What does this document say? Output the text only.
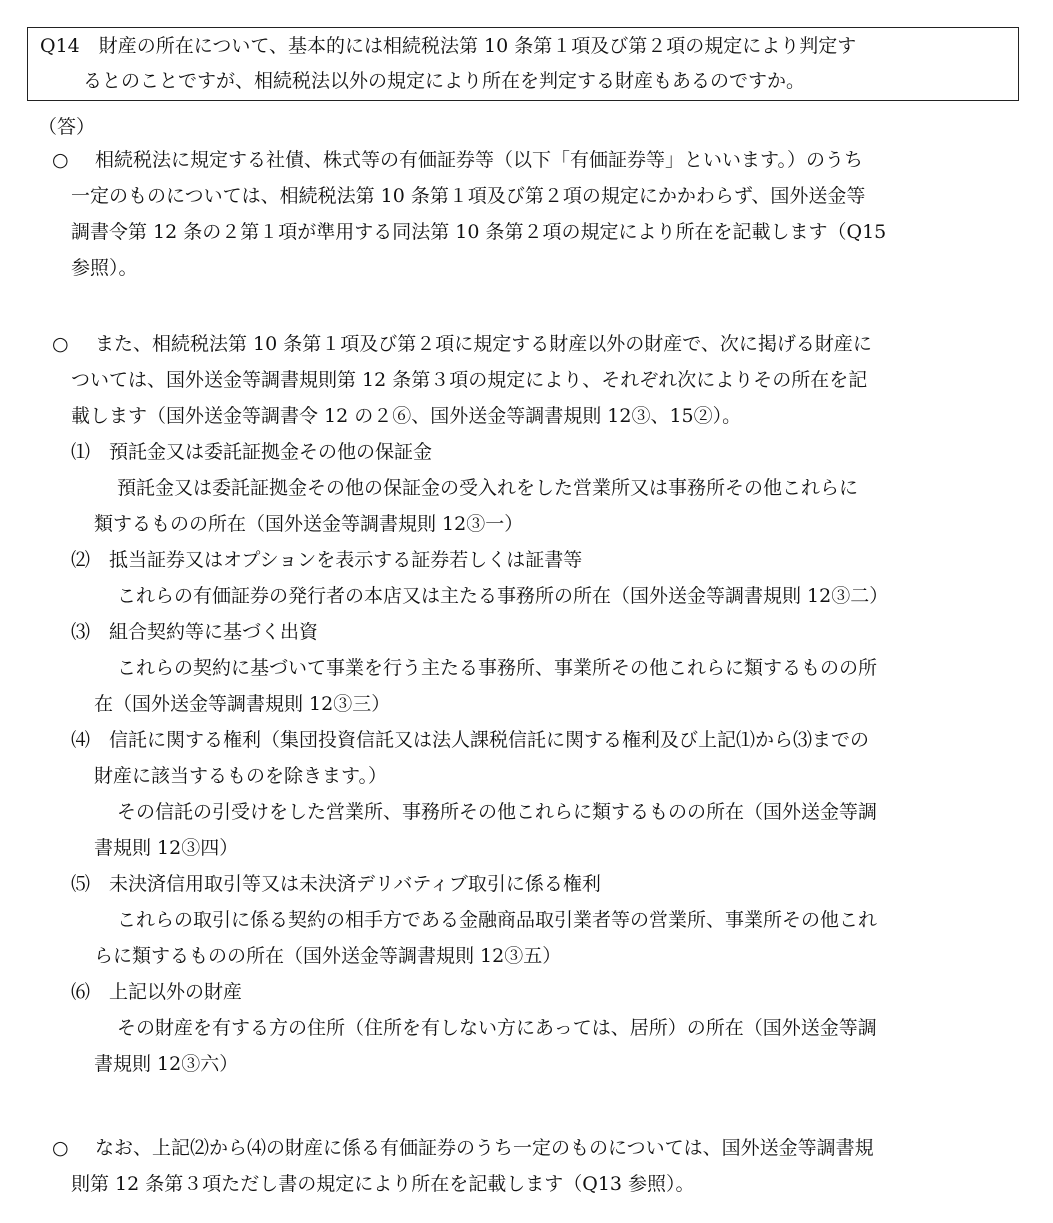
Q14　財産の所在について、基本的には相続税法第 10 条第１項及び第２項の規定により判定す
るとのことですが、相続税法以外の規定により所在を判定する財産もあるのですか。
（答）
○ 相続税法に規定する社債、株式等の有価証券等（以下「有価証券等」といいます。）のうち
一定のものについては、相続税法第 10 条第１項及び第２項の規定にかかわらず、国外送金等
調書令第 12 条の２第１項が準用する同法第 10 条第２項の規定により所在を記載します（Q15
参照）。
○ また、相続税法第 10 条第１項及び第２項に規定する財産以外の財産で、次に掲げる財産に
ついては、国外送金等調書規則第 12 条第３項の規定により、それぞれ次によりその所在を記
載します（国外送金等調書令 12 の２⑥、国外送金等調書規則 12③、15②）。
⑴　預託金又は委託証拠金その他の保証金
預託金又は委託証拠金その他の保証金の受入れをした営業所又は事務所その他これらに
類するものの所在（国外送金等調書規則 12③一）
⑵　抵当証券又はオプションを表示する証券若しくは証書等
これらの有価証券の発行者の本店又は主たる事務所の所在（国外送金等調書規則 12③二）
⑶　組合契約等に基づく出資
これらの契約に基づいて事業を行う主たる事務所、事業所その他これらに類するものの所
在（国外送金等調書規則 12③三）
⑷　信託に関する権利（集団投資信託又は法人課税信託に関する権利及び上記⑴から⑶までの
財産に該当するものを除きます。）
その信託の引受けをした営業所、事務所その他これらに類するものの所在（国外送金等調
書規則 12③四）
⑸　未決済信用取引等又は未決済デリバティブ取引に係る権利
これらの取引に係る契約の相手方である金融商品取引業者等の営業所、事業所その他これ
らに類するものの所在（国外送金等調書規則 12③五）
⑹　上記以外の財産
その財産を有する方の住所（住所を有しない方にあっては、居所）の所在（国外送金等調
書規則 12③六）
○ なお、上記⑵から⑷の財産に係る有価証券のうち一定のものについては、国外送金等調書規
則第 12 条第３項ただし書の規定により所在を記載します（Q13 参照）。
